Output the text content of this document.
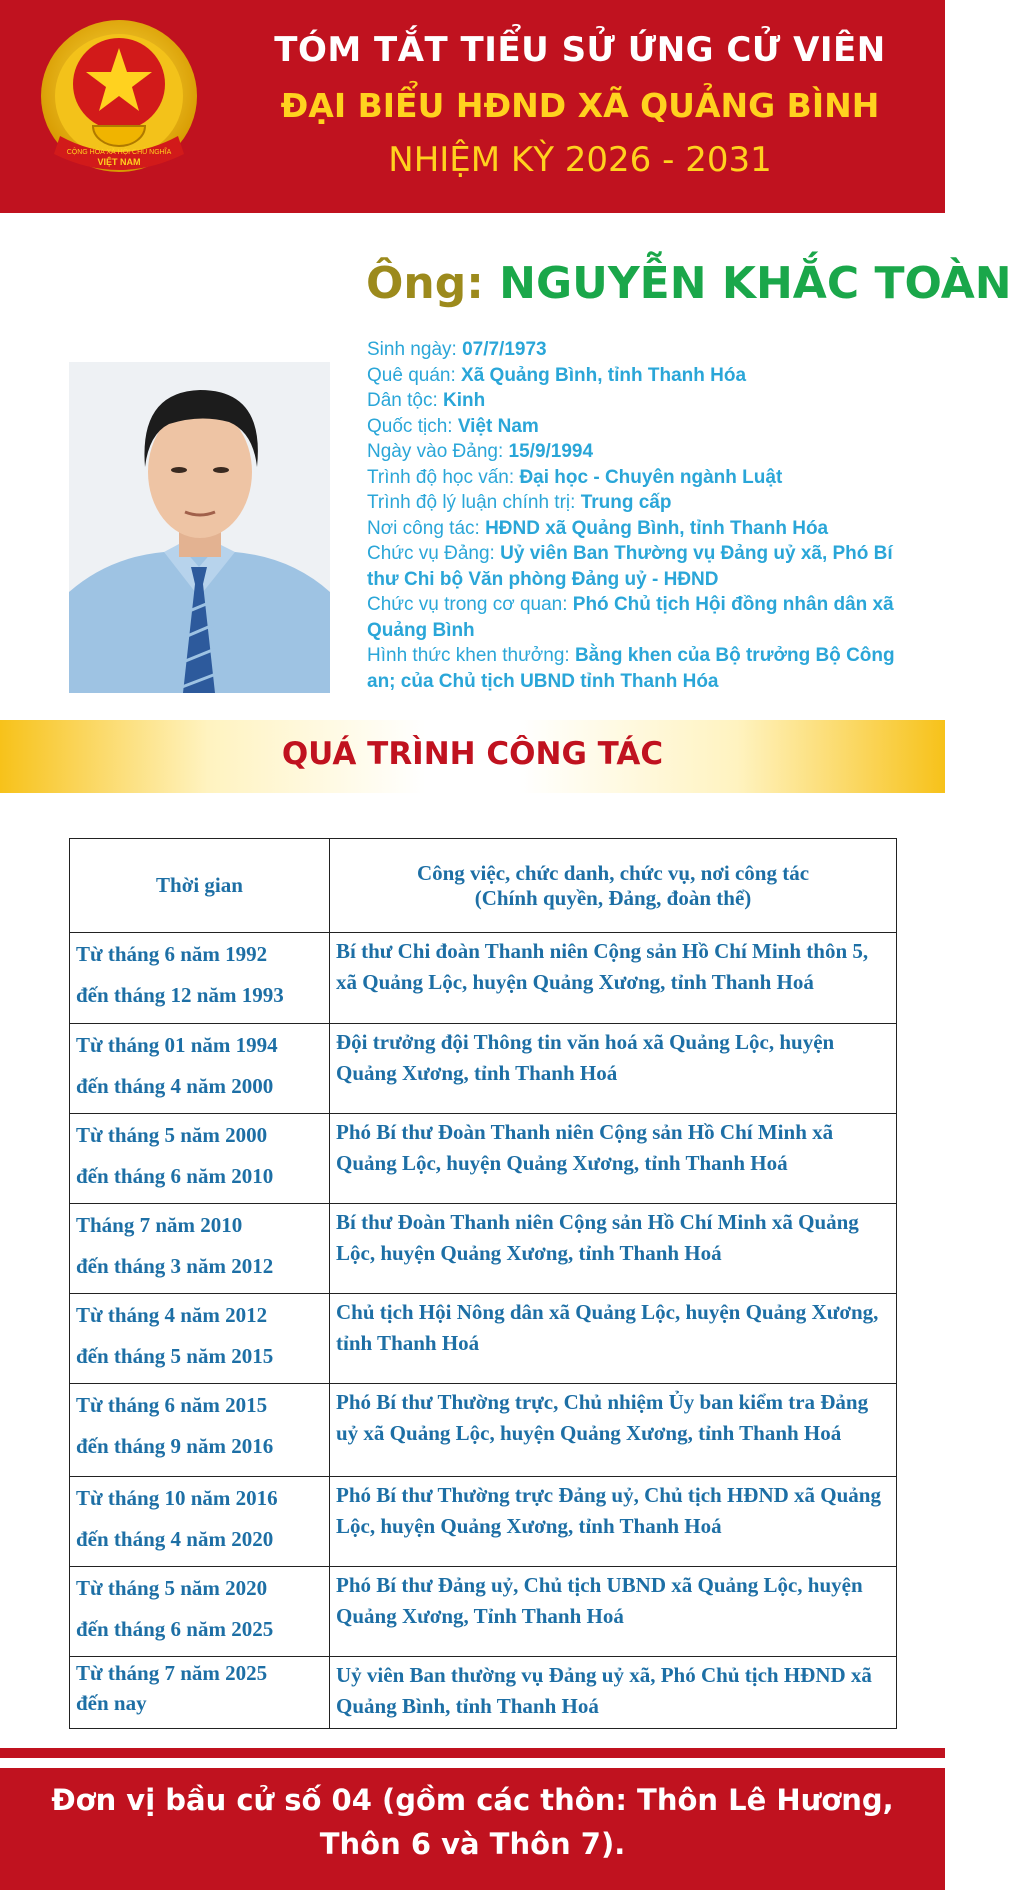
CỘNG HÒA XÃ HỘI CHỦ NGHĨA
VIỆT NAM
TÓM TẮT TIỂU SỬ ỨNG CỬ VIÊN
ĐẠI BIỂU HĐND XÃ QUẢNG BÌNH
NHIỆM KỲ 2026 - 2031
Ông: NGUYỄN KHẮC TOÀN
Sinh ngày: 07/7/1973
Quê quán: Xã Quảng Bình, tỉnh Thanh Hóa
Dân tộc: Kinh
Quốc tịch: Việt Nam
Ngày vào Đảng: 15/9/1994
Trình độ học vấn: Đại học - Chuyên ngành Luật
Trình độ lý luận chính trị: Trung cấp
Nơi công tác: HĐND xã Quảng Bình, tỉnh Thanh Hóa
Chức vụ Đảng: Uỷ viên Ban Thường vụ Đảng uỷ xã, Phó Bí thư Chi bộ Văn phòng Đảng uỷ - HĐND
Chức vụ trong cơ quan: Phó Chủ tịch Hội đồng nhân dân xã Quảng Bình
Hình thức khen thưởng: Bằng khen của Bộ trưởng Bộ Công an; của Chủ tịch UBND tỉnh Thanh Hóa
QUÁ TRÌNH CÔNG TÁC
Thời gian	Công việc, chức danh, chức vụ, nơi công tác
(Chính quyền, Đảng, đoàn thể)

Từ tháng 6 năm 1992
đến tháng 12 năm 1993	Bí thư Chi đoàn Thanh niên Cộng sản Hồ Chí Minh thôn 5, xã Quảng Lộc, huyện Quảng Xương, tỉnh Thanh Hoá

Từ tháng 01 năm 1994
đến tháng 4 năm 2000	Đội trưởng đội Thông tin văn hoá xã Quảng Lộc, huyện Quảng Xương, tỉnh Thanh Hoá

Từ tháng 5 năm 2000
đến tháng 6 năm 2010	Phó Bí thư Đoàn Thanh niên Cộng sản Hồ Chí Minh xã Quảng Lộc, huyện Quảng Xương, tỉnh Thanh Hoá

Tháng 7 năm 2010
đến tháng 3 năm 2012	Bí thư Đoàn Thanh niên Cộng sản Hồ Chí Minh xã Quảng Lộc, huyện Quảng Xương, tỉnh Thanh Hoá

Từ tháng 4 năm 2012
đến tháng 5 năm 2015	Chủ tịch Hội Nông dân xã Quảng Lộc, huyện Quảng Xương, tỉnh Thanh Hoá

Từ tháng 6 năm 2015
đến tháng 9 năm 2016	Phó Bí thư Thường trực, Chủ nhiệm Ủy ban kiểm tra Đảng uỷ xã Quảng Lộc, huyện Quảng Xương, tỉnh Thanh Hoá

Từ tháng 10 năm 2016
đến tháng 4 năm 2020	Phó Bí thư Thường trực Đảng uỷ, Chủ tịch HĐND xã Quảng Lộc, huyện Quảng Xương, tỉnh Thanh Hoá

Từ tháng 5 năm 2020
đến tháng 6 năm 2025	Phó Bí thư Đảng uỷ, Chủ tịch UBND xã Quảng Lộc, huyện Quảng Xương, Tỉnh Thanh Hoá

Từ tháng 7 năm 2025
đến nay	Uỷ viên Ban thường vụ Đảng uỷ xã, Phó Chủ tịch HĐND xã Quảng Bình, tỉnh Thanh Hoá
Đơn vị bầu cử số 04 (gồm các thôn: Thôn Lê Hương,
Thôn 6 và Thôn 7).
